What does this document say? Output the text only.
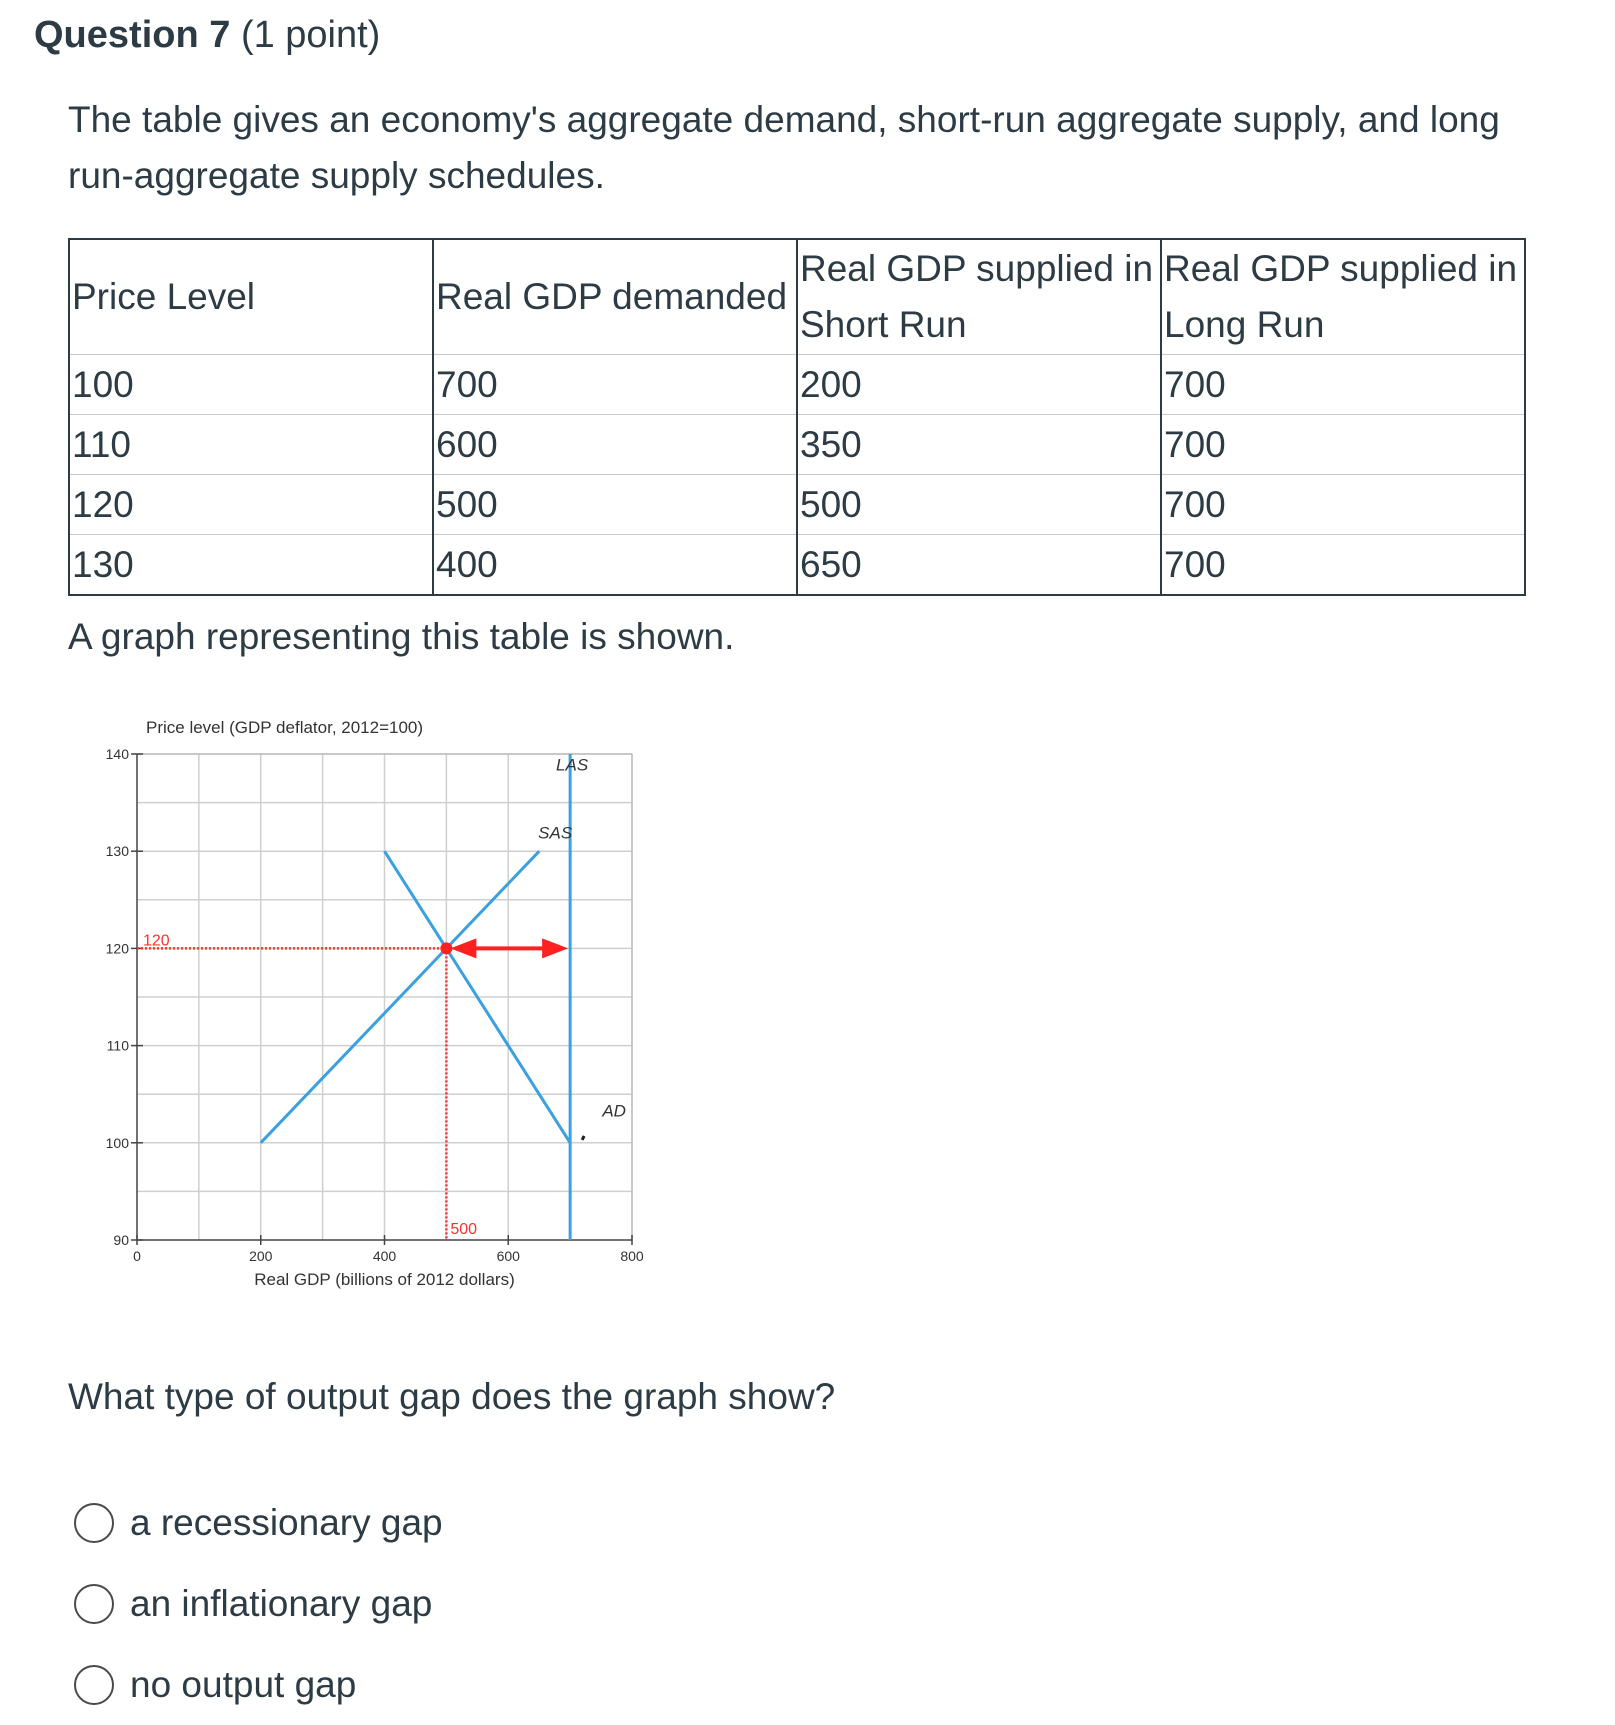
Question 7 (1 point)
The table gives an economy's aggregate demand, short-run aggregate supply, and long run-aggregate supply schedules.
Price Level	Real GDP demanded	Real GDP supplied in Short Run	Real GDP supplied in Long Run
100	700	200	700
110	600	350	700
120	500	500	700
130	400	650	700
A graph representing this table is shown.
90
100
110
120
130
140
0	200	400	600	800
Price level (GDP deflator, 2012=100)
Real GDP (billions of 2012 dollars)
LAS
SAS
AD
120
500
What type of output gap does the graph show?
a recessionary gap
an inflationary gap
no output gap
